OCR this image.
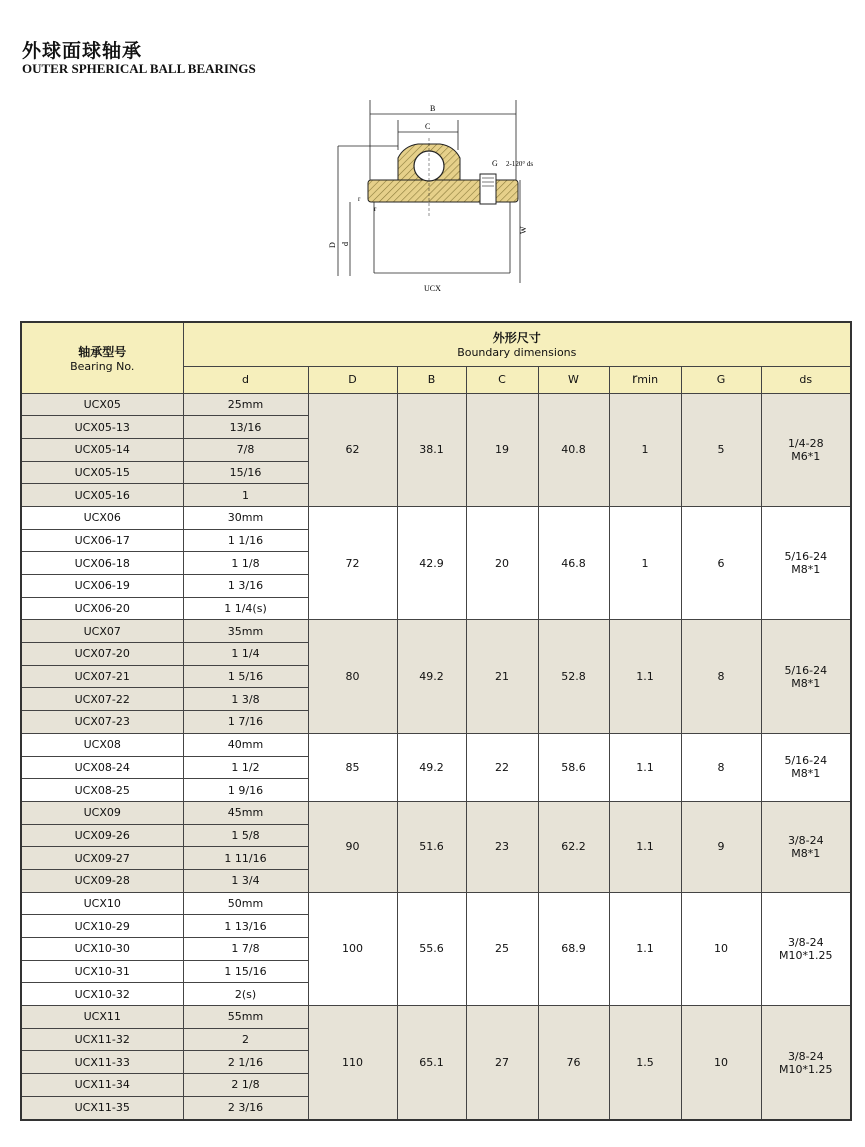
外球面球轴承
OUTER SPHERICAL BALL BEARINGS
B
C
G 2-120° ds
r
r
D d
W
UCX
轴承型号
Bearing No.	外形尺寸
Boundary dimensions							

	d	D	B	C	W	rmin	G	ds
UCX05	25mm	62	38.1	19	40.8	1	5	1/4-28
M6*1

UCX05-13	13/16							
UCX05-14	7/8							
UCX05-15	15/16							
UCX05-16	1							
UCX06	30mm	72	42.9	20	46.8	1	6	5/16-24
M8*1

UCX06-17	1 1/16							
UCX06-18	1 1/8							
UCX06-19	1 3/16							
UCX06-20	1 1/4(s)							
UCX07	35mm	80	49.2	21	52.8	1.1	8	5/16-24
M8*1

UCX07-20	1 1/4							
UCX07-21	1 5/16							
UCX07-22	1 3/8							
UCX07-23	1 7/16							
UCX08	40mm	85	49.2	22	58.6	1.1	8	5/16-24
M8*1

UCX08-24	1 1/2							
UCX08-25	1 9/16							
UCX09	45mm	90	51.6	23	62.2	1.1	9	3/8-24
M8*1

UCX09-26	1 5/8							
UCX09-27	1 11/16							
UCX09-28	1 3/4							
UCX10	50mm	100	55.6	25	68.9	1.1	10	3/8-24
M10*1.25

UCX10-29	1 13/16							
UCX10-30	1 7/8							
UCX10-31	1 15/16							
UCX10-32	2(s)							
UCX11	55mm	110	65.1	27	76	1.5	10	3/8-24
M10*1.25

UCX11-32	2							
UCX11-33	2 1/16							
UCX11-34	2 1/8							
UCX11-35	2 3/16							
